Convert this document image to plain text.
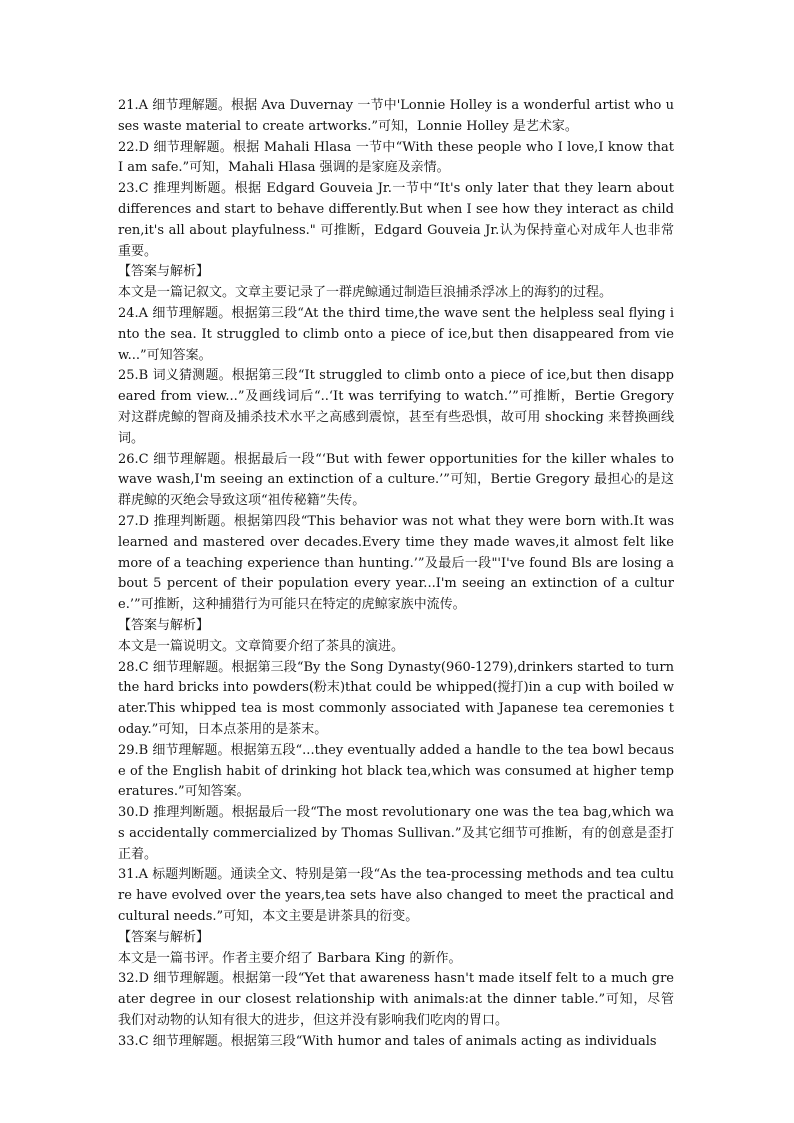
21.A 细节理解题。根据 Ava Duvernay 一节中'Lonnie Holley is a wonderful artist who uses waste material to create artworks.”可知，Lonnie Holley 是艺术家。

22.D 细节理解题。根据 Mahali Hlasa 一节中“With these people who I love,I know that I am safe.”可知，Mahali Hlasa 强调的是家庭及亲情。

23.C 推理判断题。根据 Edgard Gouveia Jr.一节中“It's only later that they learn about differences and start to behave differently.But when I see how they interact as children,it's all about playfulness." 可推断，Edgard Gouveia Jr.认为保持童心对成年人也非常重要。

【答案与解析】

本文是一篇记叙文。文章主要记录了一群虎鲸通过制造巨浪捕杀浮冰上的海豹的过程。

24.A 细节理解题。根据第三段“At the third time,the wave sent the helpless seal flying into the sea. It struggled to climb onto a piece of ice,but then disappeared from view...”可知答案。

25.B 词义猜测题。根据第三段“It struggled to climb onto a piece of ice,but then disappeared from view...”及画线词后“..‘It was terrifying to watch.’”可推断，Bertie Gregory 对这群虎鲸的智商及捕杀技术水平之高感到震惊，甚至有些恐惧，故可用 shocking 来替换画线词。

26.C 细节理解题。根据最后一段“‘But with fewer opportunities for the killer whales to wave wash,I'm seeing an extinction of a culture.’”可知，Bertie Gregory 最担心的是这群虎鲸的灭绝会导致这项“祖传秘籍”失传。

27.D 推理判断题。根据第四段“This behavior was not what they were born with.It was learned and mastered over decades.Every time they made waves,it almost felt like more of a teaching experience than hunting.’”及最后一段"'I've found Bls are losing about 5 percent of their population every year...I'm seeing an extinction of a culture.’”可推断，这种捕猎行为可能只在特定的虎鲸家族中流传。

【答案与解析】

本文是一篇说明文。文章简要介绍了茶具的演进。

28.C 细节理解题。根据第三段“By the Song Dynasty(960-1279),drinkers started to turn the hard bricks into powders(粉末)that could be whipped(搅打)in a cup with boiled water.This whipped tea is most commonly associated with Japanese tea ceremonies today.”可知，日本点茶用的是茶末。

29.B 细节理解题。根据第五段“...they eventually added a handle to the tea bowl because of the English habit of drinking hot black tea,which was consumed at higher temperatures.”可知答案。

30.D 推理判断题。根据最后一段“The most revolutionary one was the tea bag,which was accidentally commercialized by Thomas Sullivan.”及其它细节可推断，有的创意是歪打正着。

31.A 标题判断题。通读全文、特别是第一段“As the tea-processing methods and tea culture have evolved over the years,tea sets have also changed to meet the practical and cultural needs.”可知，本文主要是讲茶具的衍变。

【答案与解析】

本文是一篇书评。作者主要介绍了 Barbara King 的新作。

32.D 细节理解题。根据第一段“Yet that awareness hasn't made itself felt to a much greater degree in our closest relationship with animals:at the dinner table.”可知，尽管我们对动物的认知有很大的进步，但这并没有影响我们吃肉的胃口。

33.C 细节理解题。根据第三段“With humor and tales of animals acting as individuals
